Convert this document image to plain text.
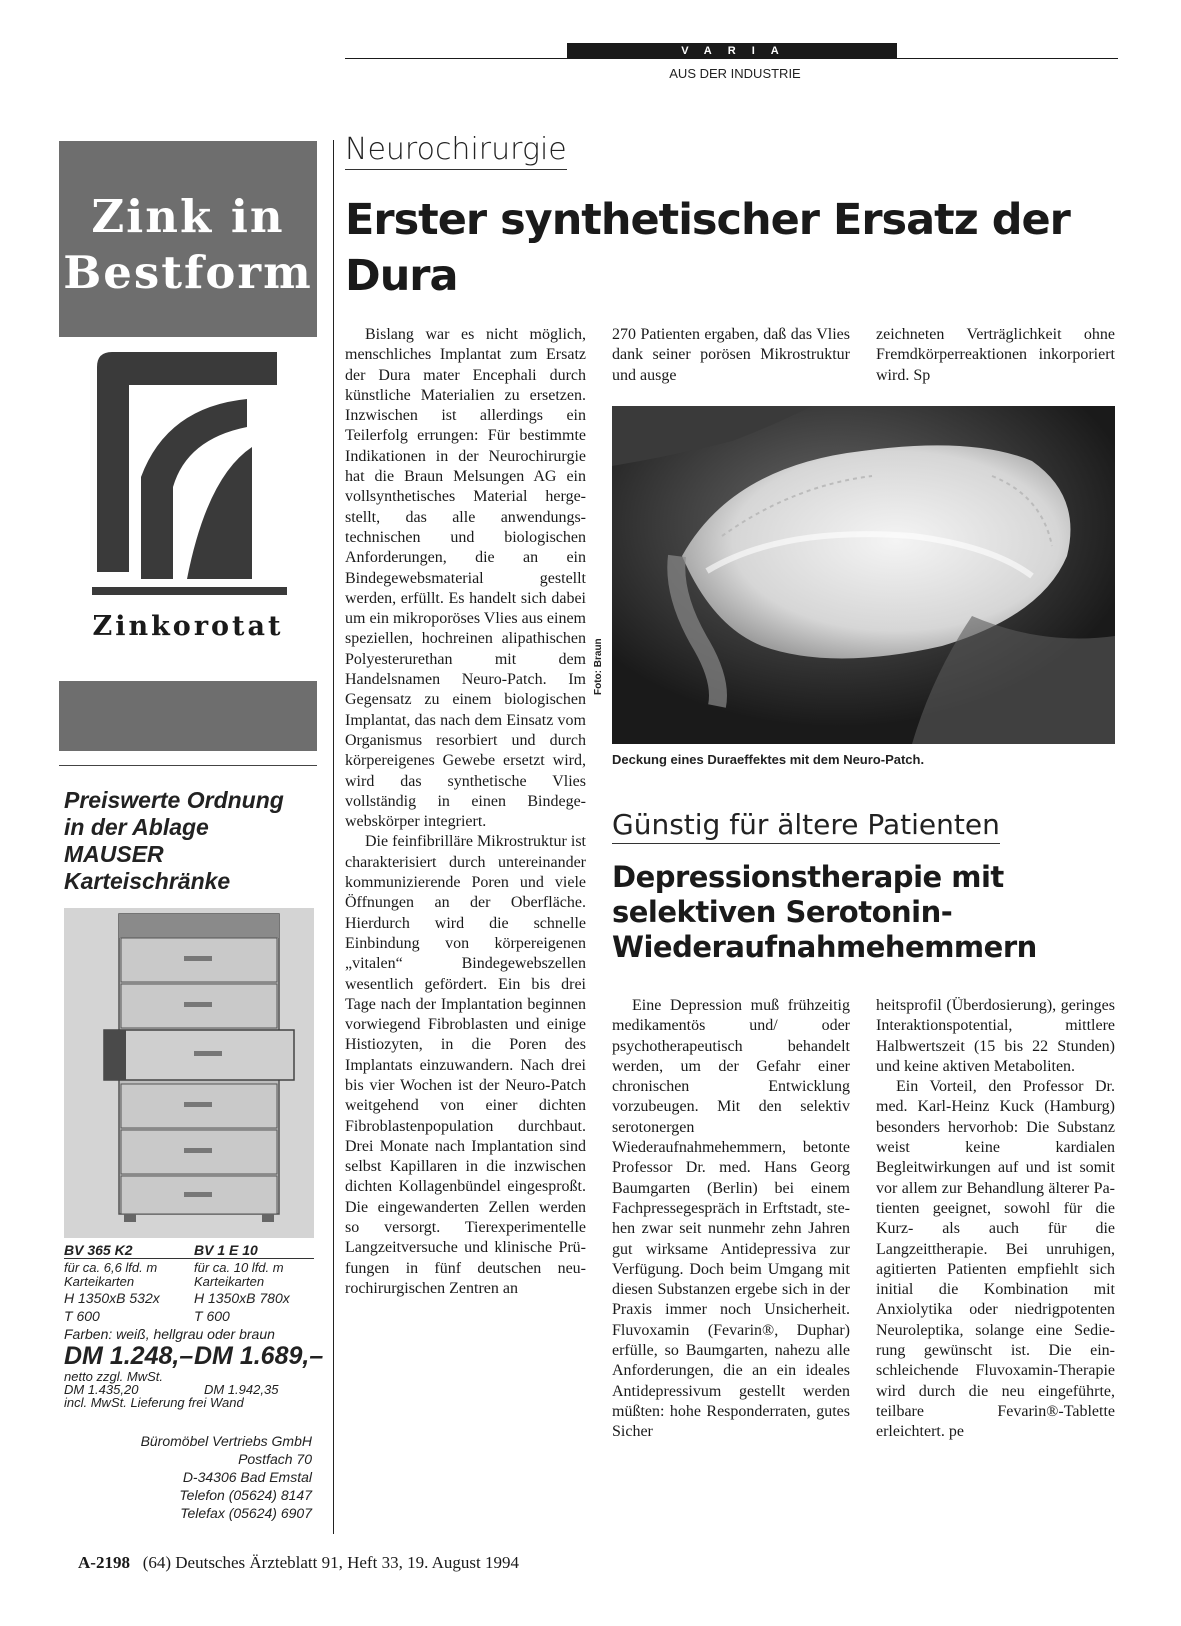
VARIA
AUS DER INDUSTRIE
Zink in
Bestform
Zinkorotat
Preiswerte Ordnung
in der Ablage
MAUSER
Karteischränke
BV 365 K2	BV 1 E 10
für ca. 6,6 lfd. m	für ca. 10 lfd. m
Karteikarten	Karteikarten
H 1350xB 532x	H 1350xB 780x
T 600	T 600
Farben: weiß, hellgrau oder braun
DM 1.248,– DM 1.689,–
netto zzgl. MwSt.
DM 1.435,20	DM 1.942,35
incl. MwSt. Lieferung frei Wand
Büromöbel Vertriebs GmbH
Postfach 70
D-34306 Bad Emstal
Telefon (05624) 8147
Telefax (05624) 6907
Neurochirurgie
Erster synthetischer Ersatz der Dura

Bislang war es nicht möglich, menschliches Implantat zum Ersatz der Dura mater Encephali durch künstliche Materialien zu ersetzen. Inzwischen ist allerdings ein Teilerfolg errungen: Für bestimmte Indikationen in der Neurochirurgie hat die Braun Melsungen AG ein vollsynthetisches Material hergestellt, das alle anwendungstechnischen und biologischen Anforderungen, die an ein Bindegewebsmaterial gestellt werden, erfüllt. Es handelt sich dabei um ein mikroporöses Vlies aus einem speziellen, hochreinen alipathischen Polyesterurethan mit dem Handelsnamen Neuro-Patch. Im Gegensatz zu einem biologischen Implantat, das nach dem Einsatz vom Organismus resorbiert und durch körpereigenes Gewebe ersetzt wird, wird das synthetische Vlies vollständig in einen Bindegewebskörper integriert.

Die feinfibrilläre Mikrostruktur ist charakterisiert durch untereinander kommunizierende Poren und viele Öffnungen an der Oberfläche. Hierdurch wird die schnelle Einbindung von körpereigenen „vitalen“ Bindegewebszellen wesentlich gefördert. Ein bis drei Tage nach der Implantation beginnen vorwiegend Fibroblasten und einige Histiozyten, in die Poren des Implantats einzuwandern. Nach drei bis vier Wochen ist der Neuro-Patch weitgehend von einer dichten Fibroblastenpopulation durchbaut. Drei Monate nach Implantation sind selbst Kapillaren in die inzwischen dichten Kollagenbündel eingesproßt. Die eingewanderten Zellen werden so versorgt. Tierexperimentelle Langzeitversuche und klinische Prüfungen in fünf deutschen neurochirurgischen Zentren an

270 Patienten ergaben, daß das Vlies dank seiner porösen Mikrostruktur und ausge

zeichneten Verträglichkeit ohne Fremdkörperreaktionen inkorporiert wird. Sp

Foto: Braun
Deckung eines Duraeffektes mit dem Neuro-Patch.
Günstig für ältere Patienten
Depressionstherapie mit
selektiven Serotonin-
Wiederaufnahmehemmern

Eine Depression muß frühzeitig medikamentös und/ oder psychotherapeutisch behandelt werden, um der Gefahr einer chronischen Entwicklung vorzubeugen. Mit den selektiv serotonergen Wiederaufnahmehemmern, betonte Professor Dr. med. Hans Georg Baumgarten (Berlin) bei einem Fachpressegespräch in Erftstadt, stehen zwar seit nunmehr zehn Jahren gut wirksame Antidepressiva zur Verfügung. Doch beim Umgang mit diesen Substanzen ergebe sich in der Praxis immer noch Unsicherheit. Fluvoxamin (Fevarin®, Duphar) erfülle, so Baumgarten, nahezu alle Anforderungen, die an ein ideales Antidepressivum gestellt werden müßten: hohe Responderraten, gutes Sicher

heitsprofil (Überdosierung), geringes Interaktionspotential, mittlere Halbwertszeit (15 bis 22 Stunden) und keine aktiven Metaboliten.

Ein Vorteil, den Professor Dr. med. Karl-Heinz Kuck (Hamburg) besonders hervorhob: Die Substanz weist keine kardialen Begleitwirkungen auf und ist somit vor allem zur Behandlung älterer Patienten geeignet, sowohl für die Kurz- als auch für die Langzeittherapie. Bei unruhigen, agitierten Patienten empfiehlt sich initial die Kombination mit Anxiolytika oder niedrigpotenten Neuroleptika, solange eine Sedierung gewünscht ist. Die einschleichende Fluvoxamin-Therapie wird durch die neu eingeführte, teilbare Fevarin®-Tablette erleichtert. pe

A-2198 (64) Deutsches Ärzteblatt 91, Heft 33, 19. August 1994
